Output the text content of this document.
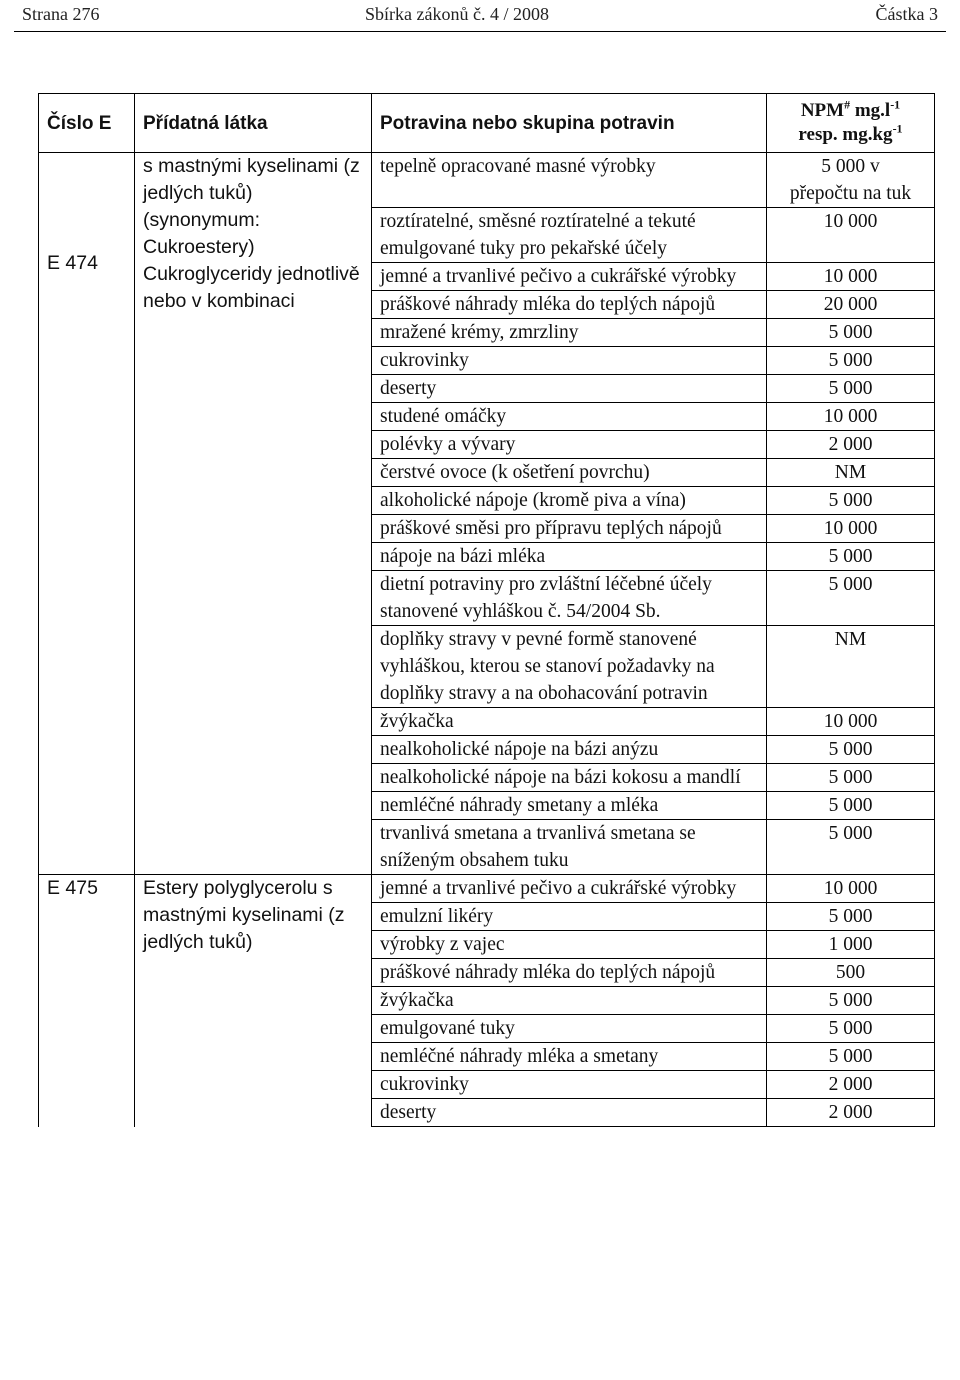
Strana 276	Sbírka zákonů č. 4 / 2008	Částka 3
Číslo E	Přídatná látka	Potravina nebo skupina potravin	NPM# $mg.l^{-1}$
resp. $mg.kg^{-1}$
E 474	s mastnými kyselinami (z jedlých tuků) (synonymum: Cukroestery) Cukroglyceridy jednotlivě nebo v kombinaci	tepelně opracované masné výrobky	5 000 v přepočtu na tuk
		roztíratelné, směsné roztíratelné a tekuté emulgované tuky pro pekařské účely	10 000
		jemné a trvanlivé pečivo a cukrářské výrobky	10 000
		práškové náhrady mléka do teplých nápojů	20 000
		mražené krémy, zmrzliny	5 000
		cukrovinky	5 000
		deserty	5 000
		studené omáčky	10 000
		polévky a vývary	2 000
		čerstvé ovoce (k ošetření povrchu)	NM
		alkoholické nápoje (kromě piva a vína)	5 000
		práškové směsi pro přípravu teplých nápojů	10 000
		nápoje na bázi mléka	5 000
		dietní potraviny pro zvláštní léčebné účely stanovené vyhláškou č. 54/2004 Sb.	5 000
		doplňky stravy v pevné formě stanovené vyhláškou, kterou se stanoví požadavky na doplňky stravy a na obohacování potravin	NM
		žvýkačka	10 000
		nealkoholické nápoje na bázi anýzu	5 000
		nealkoholické nápoje na bázi kokosu a mandlí	5 000
		nemléčné náhrady smetany a mléka	5 000
		trvanlivá smetana a trvanlivá smetana se sníženým obsahem tuku	5 000
E 475	Estery polyglycerolu s mastnými kyselinami (z jedlých tuků)	jemné a trvanlivé pečivo a cukrářské výrobky	10 000
		emulzní likéry	5 000
		výrobky z vajec	1 000
		práškové náhrady mléka do teplých nápojů	500
		žvýkačka	5 000
		emulgované tuky	5 000
		nemléčné náhrady mléka a smetany	5 000
		cukrovinky	2 000
		deserty	2 000
